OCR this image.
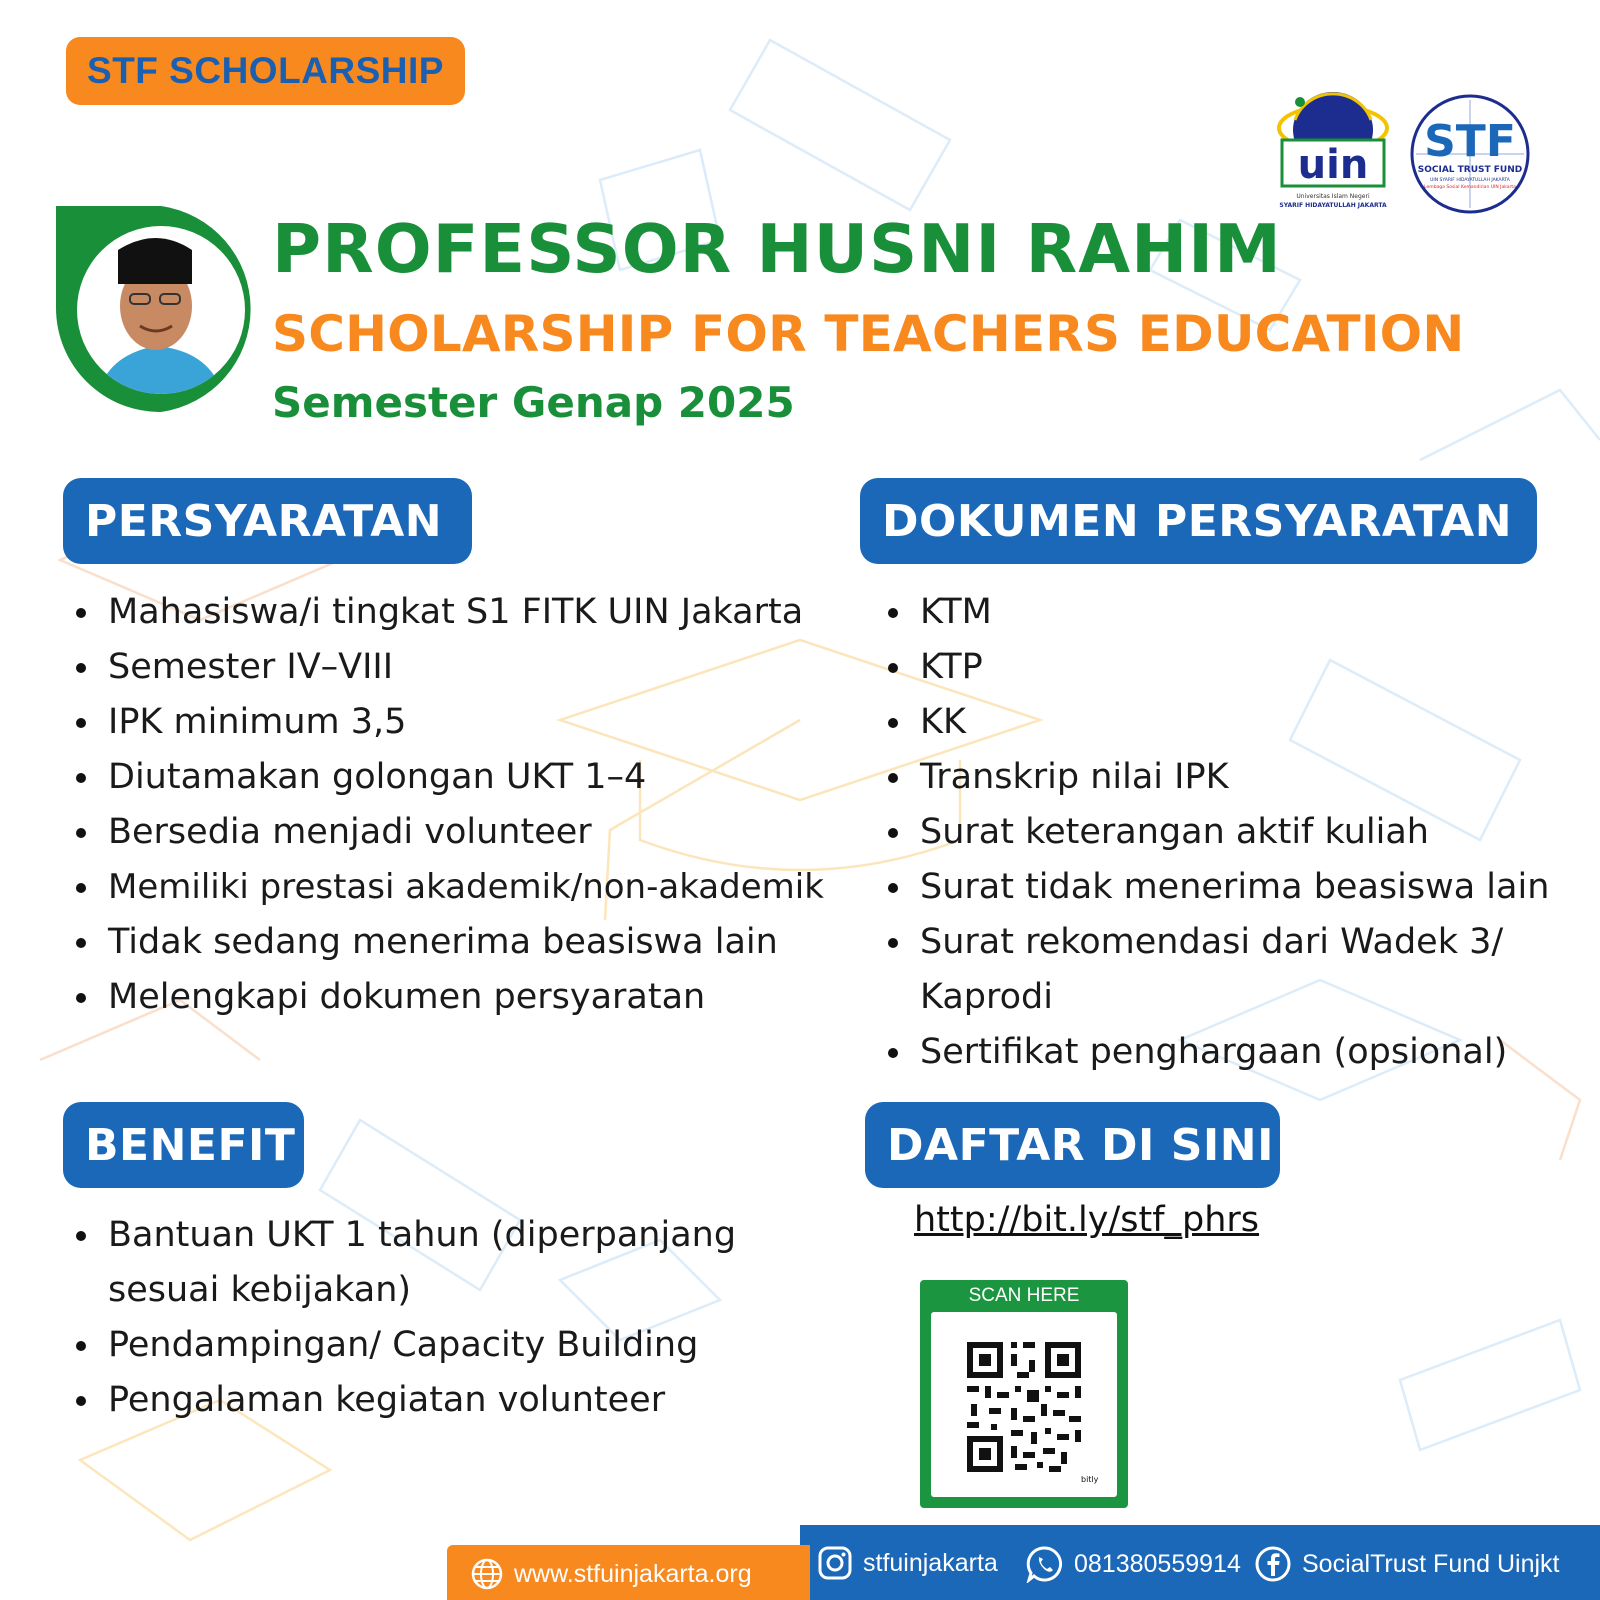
STF SCHOLARSHIP
uin
Universitas Islam Negeri
SYARIF HIDAYATULLAH JAKARTA
STF
SOCIAL TRUST FUND
UIN SYARIF HIDAYATULLAH JAKARTA
Lembaga Sosial Kemandirian UIN Jakarta
PROFESSOR HUSNI RAHIM
SCHOLARSHIP FOR TEACHERS EDUCATION
Semester Genap 2025
PERSYARATAN
Mahasiswa/i tingkat S1 FITK UIN Jakarta
Semester IV–VIII
IPK minimum 3,5
Diutamakan golongan UKT 1–4
Bersedia menjadi volunteer
Memiliki prestasi akademik/non-akademik
Tidak sedang menerima beasiswa lain
Melengkapi dokumen persyaratan
DOKUMEN PERSYARATAN
KTM
KTP
KK
Transkrip nilai IPK
Surat keterangan aktif kuliah
Surat tidak menerima beasiswa lain
Surat rekomendasi dari Wadek 3/ Kaprodi
Sertifikat penghargaan (opsional)
BENEFIT
Bantuan UKT 1 tahun (diperpanjang sesuai kebijakan)
Pendampingan/ Capacity Building
Pengalaman kegiatan volunteer
DAFTAR DI SINI
http://bit.ly/stf_phrs
SCAN HERE
bitly
www.stfuinjakarta.org	stfuinjakarta	081380559914 SocialTrust Fund Uinjkt
